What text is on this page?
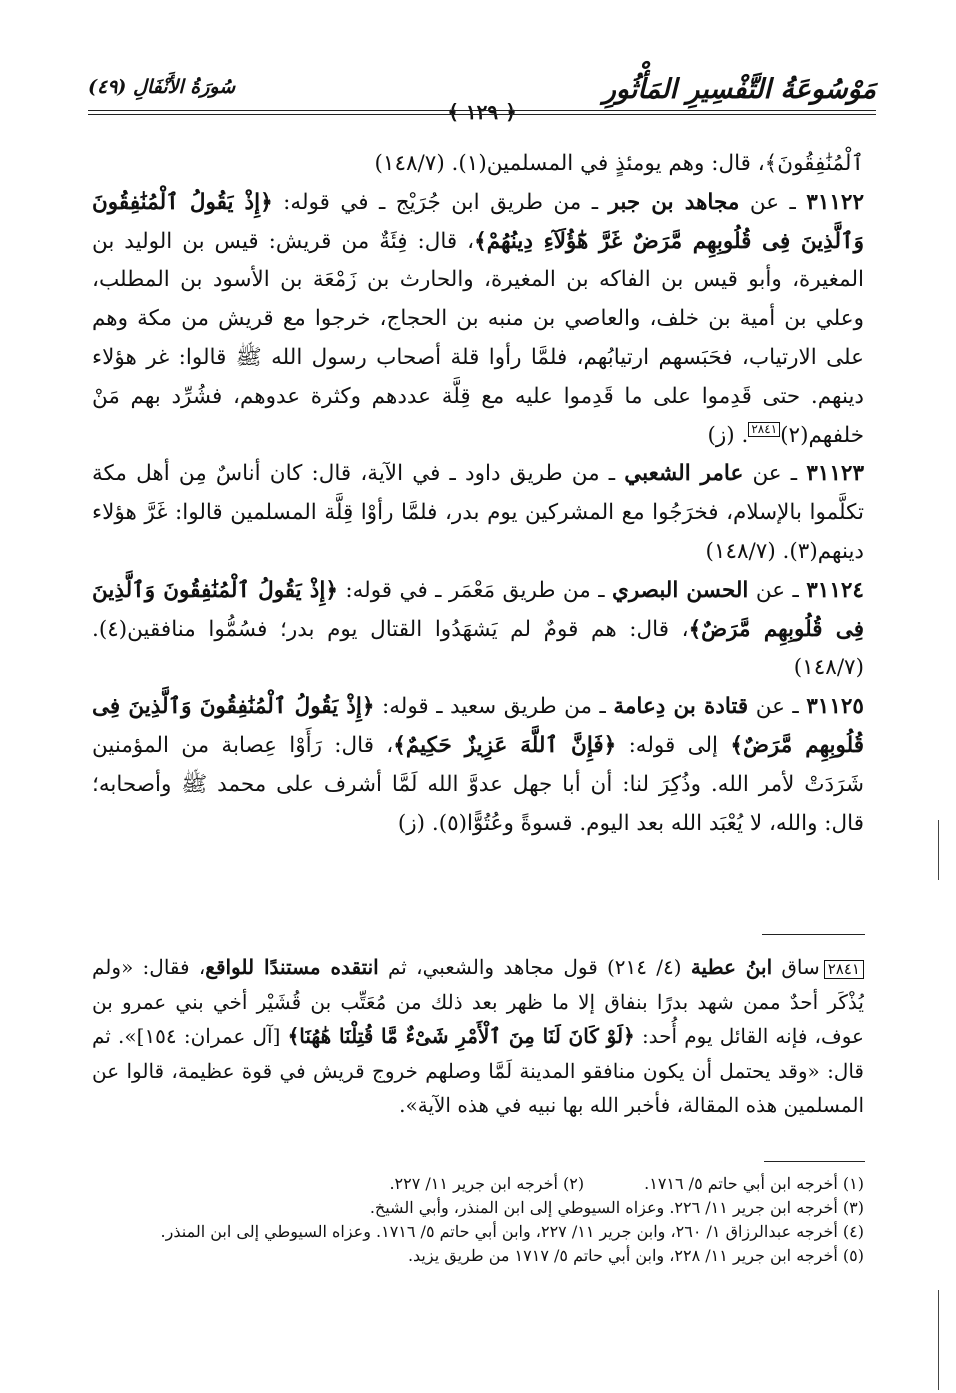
مَوْسُوعَةُ التَّفْسِيرِ المَأْثُورِ
﴿ ١٢٩ ﴾
سُورَةُ الأَنْفَالِ (٤٩)

ٱلْمُنَٰفِقُونَ﴾، قال: وهم يومئذٍ في المسلمين(١). (١٤٨/٧)

٣١١٢٢ ـ عن مجاهد بن جبر ـ من طريق ابن جُرَيْج ـ في قوله: ﴿إِذْ يَقُولُ ٱلْمُنَٰفِقُونَ وَٱلَّذِينَ فِى قُلُوبِهِم مَّرَضٌ غَرَّ هَٰٓؤُلَآءِ دِينُهُمْ﴾، قال: فِئَةٌ من قريش: قيس بن الوليد بن المغيرة، وأبو قيس بن الفاكه بن المغيرة، والحارث بن زَمْعَة بن الأسود بن المطلب، وعلي بن أمية بن خلف، والعاصي بن منبه بن الحجاج، خرجوا مع قريش من مكة وهم على الارتياب، فحَبَسهم ارتيابُهم، فلمَّا رأوا قلة أصحاب رسول الله ﷺ قالوا: غر هؤلاء دينهم. حتى قَدِموا على ما قَدِموا عليه مع قِلَّة عددهم وكثرة عدوهم، فشُرِّد بهم مَنْ خلفهم(٢)٢٨٤١. (ز)

٣١١٢٣ ـ عن عامر الشعبي ـ من طريق داود ـ في الآية، قال: كان أناسٌ مِن أهل مكة تكلَّموا بالإسلام، فخرَجُوا مع المشركين يوم بدر، فلمَّا رأوْا قِلَّة المسلمين قالوا: غَرَّ هؤلاء دينهم(٣). (١٤٨/٧)

٣١١٢٤ ـ عن الحسن البصري ـ من طريق مَعْمَر ـ في قوله: ﴿إِذْ يَقُولُ ٱلْمُنَٰفِقُونَ وَٱلَّذِينَ فِى قُلُوبِهِم مَّرَضٌ﴾، قال: هم قومٌ لم يَشهَدُوا القتال يوم بدر؛ فسُمُّوا منافقين(٤). (١٤٨/٧)

٣١١٢٥ ـ عن قتادة بن دِعامة ـ من طريق سعيد ـ قوله: ﴿إِذْ يَقُولُ ٱلْمُنَٰفِقُونَ وَٱلَّذِينَ فِى قُلُوبِهِم مَّرَضٌ﴾ إلى قوله: ﴿فَإِنَّ ٱللَّهَ عَزِيزٌ حَكِيمٌ﴾، قال: رَأَوْا عِصابة من المؤمنين شَرَدَتْ لأمر الله. وذُكِرَ لنا: أن أبا جهل عدوَّ الله لَمَّا أشرف على محمد ﷺ وأصحابه؛ قال: والله، لا يُعْبَد الله بعد اليوم. قسوةً وعُتُوًّا(٥). (ز)

٢٨٤١ساق ابنُ عطية (٤/ ٢١٤) قول مجاهد والشعبي، ثم انتقده مستندًا للواقع، فقال: «ولم يُذْكَر أحدٌ ممن شهد بدرًا بنفاق إلا ما ظهر بعد ذلك من مُعَتِّب بن قُشَيْر أخي بني عمرو بن عوف، فإنه القائل يوم أُحد: ﴿لَوْ كَانَ لَنَا مِنَ ٱلْأَمْرِ شَىْءٌ مَّا قُتِلْنَا هَٰهُنَا﴾ [آل عمران: ١٥٤]». ثم قال: «وقد يحتمل أن يكون منافقو المدينة لَمَّا وصلهم خروج قريش في قوة عظيمة، قالوا عن المسلمين هذه المقالة، فأخبر الله بها نبيه في هذه الآية».

(١) أخرجه ابن أبي حاتم ٥/ ١٧١٦.

(٢) أخرجه ابن جرير ١١/ ٢٢٧.

(٣) أخرجه ابن جرير ١١/ ٢٢٦. وعزاه السيوطي إلى ابن المنذر، وأبي الشيخ.

(٤) أخرجه عبدالرزاق ١/ ٢٦٠، وابن جرير ١١/ ٢٢٧، وابن أبي حاتم ٥/ ١٧١٦. وعزاه السيوطي إلى ابن المنذر.

(٥) أخرجه ابن جرير ١١/ ٢٢٨، وابن أبي حاتم ٥/ ١٧١٧ من طريق يزيد.
